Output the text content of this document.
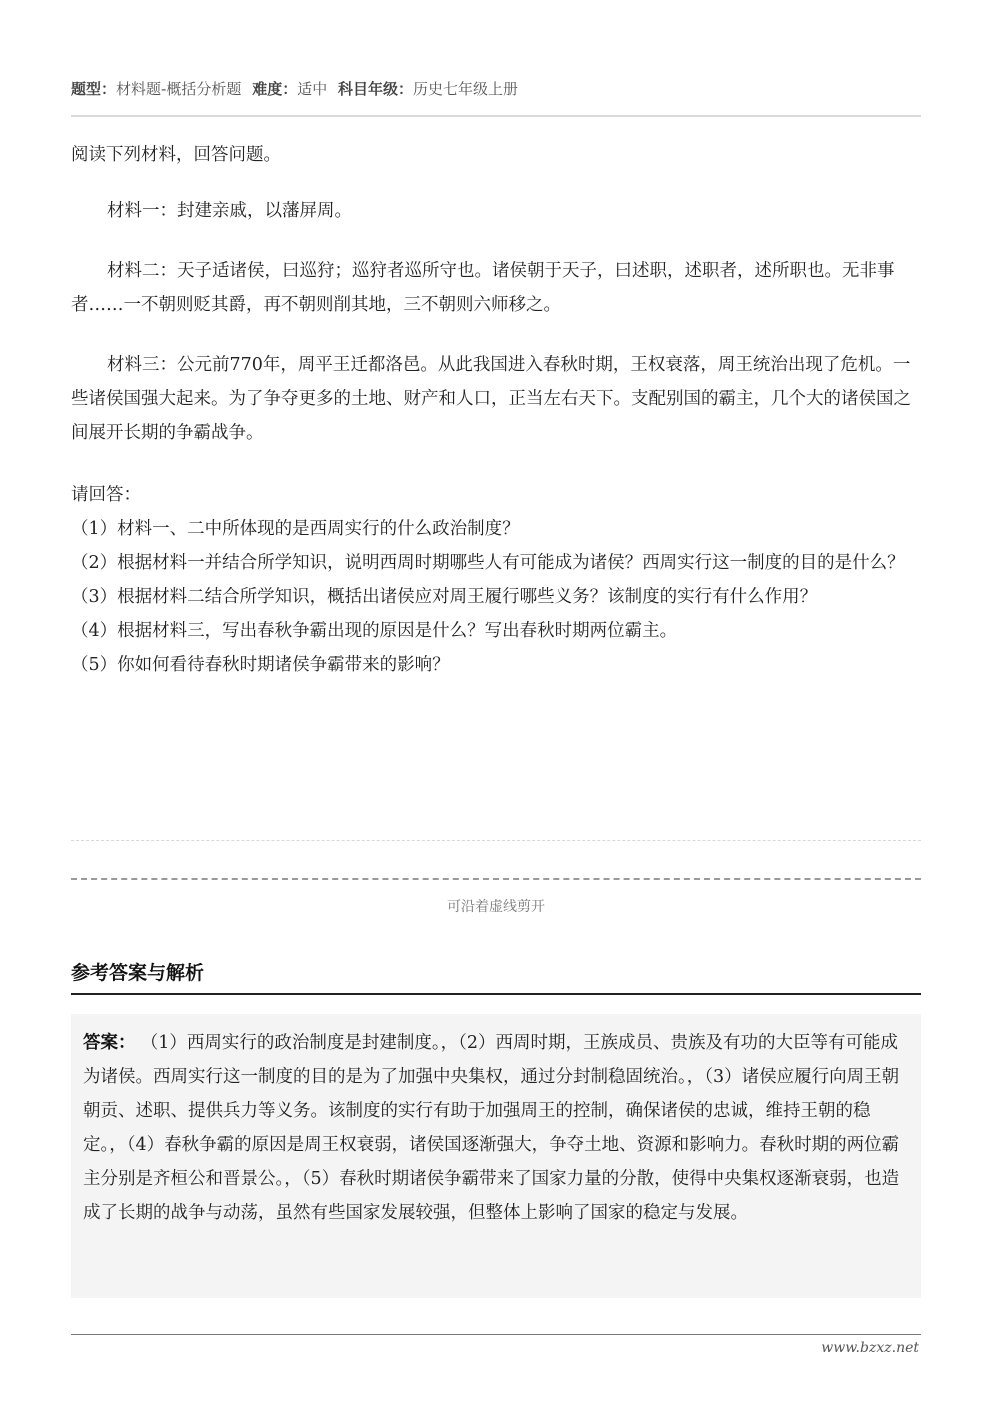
题型：材料题-概括分析题 难度：适中 科目年级：历史七年级上册

阅读下列材料，回答问题。

材料一：封建亲戚，以藩屏周。

材料二：天子适诸侯，曰巡狩；巡狩者巡所守也。诸侯朝于天子，曰述职，述职者，述所职也。无非事者……一不朝则贬其爵，再不朝则削其地，三不朝则六师移之。

材料三：公元前770年，周平王迁都洛邑。从此我国进入春秋时期，王权衰落，周王统治出现了危机。一些诸侯国强大起来。为了争夺更多的土地、财产和人口，正当左右天下。支配别国的霸主，几个大的诸侯国之间展开长期的争霸战争。

请回答：

（1）材料一、二中所体现的是西周实行的什么政治制度？

（2）根据材料一并结合所学知识，说明西周时期哪些人有可能成为诸侯？西周实行这一制度的目的是什么？

（3）根据材料二结合所学知识，概括出诸侯应对周王履行哪些义务？该制度的实行有什么作用？

（4）根据材料三，写出春秋争霸出现的原因是什么？写出春秋时期两位霸主。

（5）你如何看待春秋时期诸侯争霸带来的影响？

可沿着虚线剪开
参考答案与解析

答案： （1）西周实行的政治制度是封建制度。，（2）西周时期，王族成员、贵族及有功的大臣等有可能成为诸侯。西周实行这一制度的目的是为了加强中央集权，通过分封制稳固统治。，（3）诸侯应履行向周王朝朝贡、述职、提供兵力等义务。该制度的实行有助于加强周王的控制，确保诸侯的忠诚，维持王朝的稳定。，（4）春秋争霸的原因是周王权衰弱，诸侯国逐渐强大，争夺土地、资源和影响力。春秋时期的两位霸主分别是齐桓公和晋景公。，（5）春秋时期诸侯争霸带来了国家力量的分散，使得中央集权逐渐衰弱，也造成了长期的战争与动荡，虽然有些国家发展较强，但整体上影响了国家的稳定与发展。

www.bzxz.net
